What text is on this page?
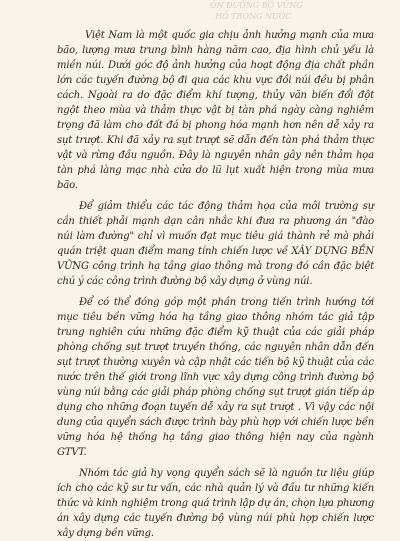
ÔN ĐƯỜNG BỘ VÙNG
HỒ TRONG NƯỚC

Việt Nam là một quốc gia chịu ảnh hưởng mạnh của mưa bão, lượng mưa trung bình hàng năm cao, địa hình chủ yếu là miền núi. Dưới góc độ ảnh hưởng của hoạt động địa chất phần lớn các tuyến đường bộ đi qua các khu vực đồi núi đều bị phân cách. Ngoài ra do đặc điểm khí tượng, thủy văn biến đổi đột ngột theo mùa và thảm thực vật bị tàn phá ngày càng nghiêm trọng đã làm cho đất đá bị phong hóa mạnh hơn nên dễ xảy ra sụt trượt. Khi đã xảy ra sụt trượt sẽ dẫn đến tàn phá thảm thực vật và rừng đầu nguồn. Đây là nguyên nhân gây nên thảm họa tàn phá làng mạc nhà cửa do lũ lụt xuất hiện trong mùa mưa bão.

Để giảm thiểu các tác động thảm họa của môi trường sự cần thiết phải mạnh dạn cân nhắc khi đưa ra phương án "đào núi làm đường" chỉ vì muốn đạt mục tiêu giá thành rẻ mà phải quán triệt quan điểm mang tính chiến lược về XÂY DỰNG BỀN VỮNG công trình hạ tầng giao thông mà trong đó cần đặc biệt chú ý các công trình đường bộ xây dựng ở vùng núi.

Để có thể đóng góp một phần trong tiến trình hướng tới mục tiêu bền vững hóa hạ tầng giao thông nhóm tác giả tập trung nghiên cứu những đặc điểm kỹ thuật của các giải pháp phòng chống sụt trượt truyền thống, các nguyên nhân dẫn đến sụt trượt thường xuyên và cập nhật các tiến bộ kỹ thuật của các nước trên thế giới trong lĩnh vực xây dựng công trình đường bộ vùng núi bằng các giải pháp phòng chống sụt trượt gián tiếp áp dụng cho những đoạn tuyến dễ xảy ra sụt trượt . Vì vậy các nội dung của quyển sách được trình bày phù hợp với chiến lược bền vững hóa hệ thống hạ tầng giao thông hiện nay của ngành GTVT.

Nhóm tác giả hy vọng quyển sách sẽ là nguồn tư liệu giúp ích cho các kỹ sư tư vấn, các nhà quản lý và đầu tư những kiến thức và kinh nghiệm trong quá trình lập dự án, chọn lựa phương án xây dựng các tuyến đường bộ vùng núi phù hợp chiến lược xây dựng bền vững.
